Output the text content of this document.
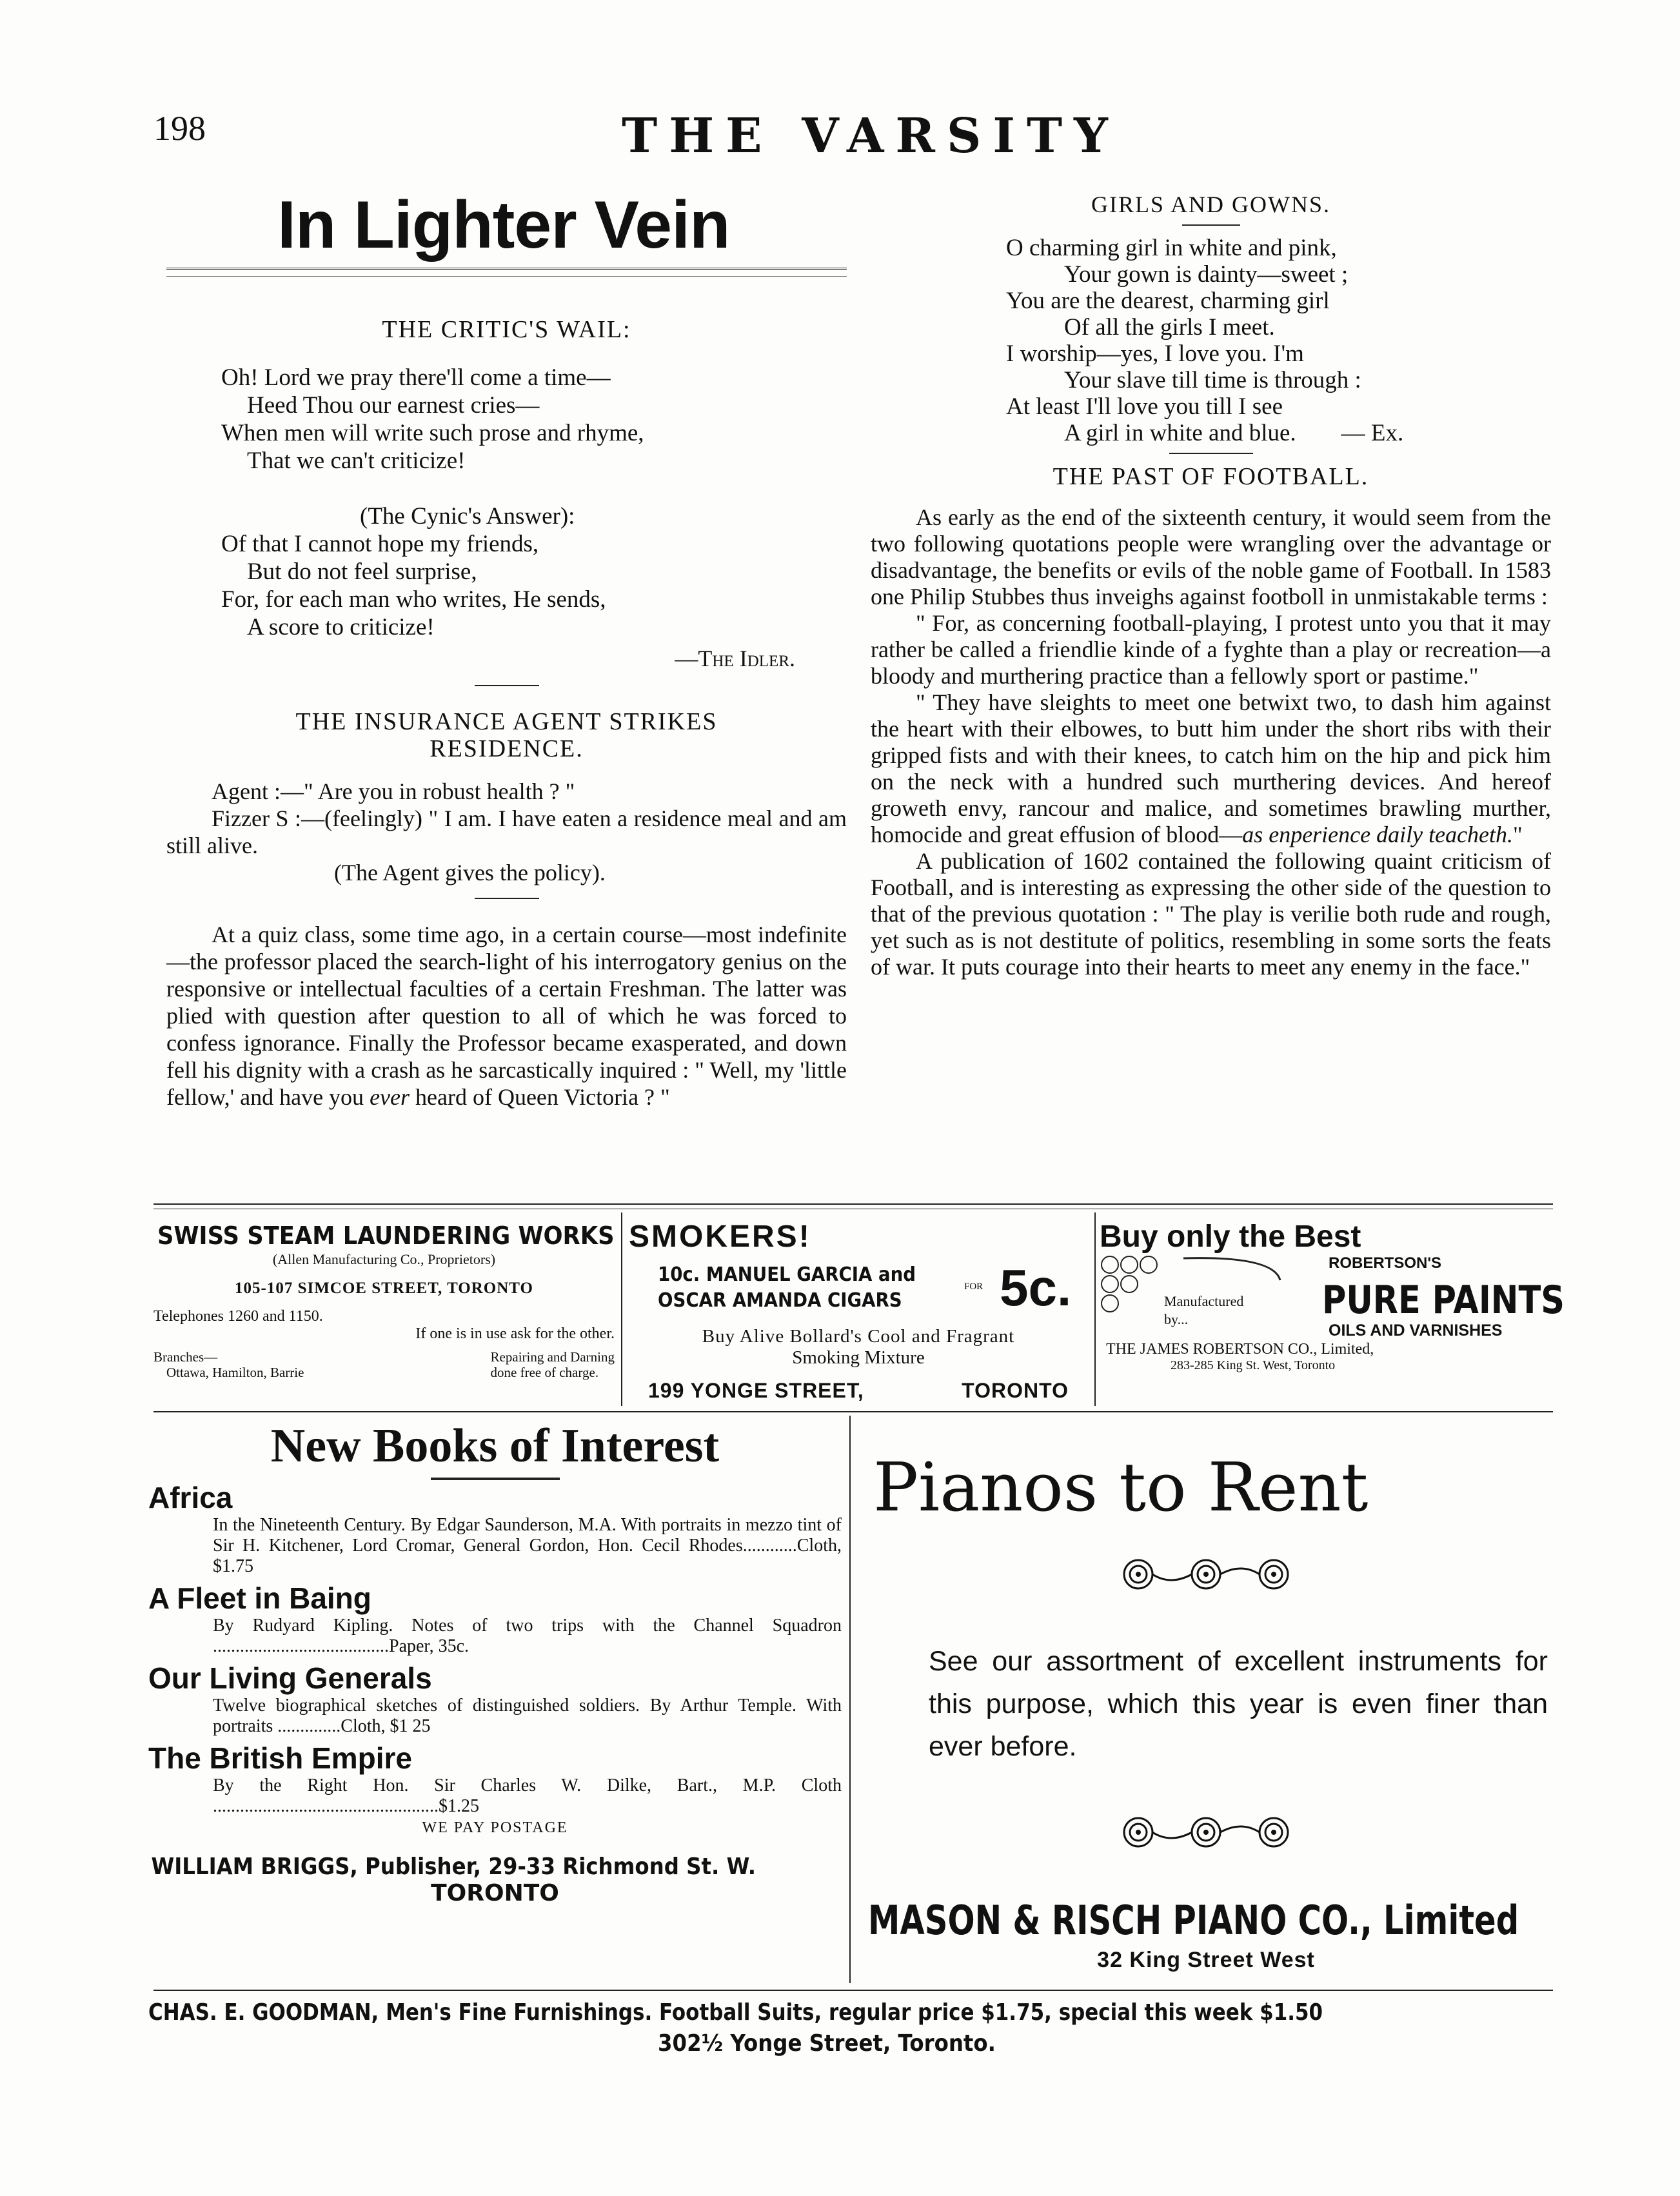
198	THE VARSITY
In Lighter Vein
THE CRITIC'S WAIL:

Oh! Lord we pray there'll come a time—

Heed Thou our earnest cries—

When men will write such prose and rhyme,

That we can't criticize!

(The Cynic's Answer):

Of that I cannot hope my friends,

But do not feel surprise,

For, for each man who writes, He sends,

A score to criticize!

—The Idler.
THE INSURANCE AGENT STRIKES
RESIDENCE.

Agent :—" Are you in robust health ? "

Fizzer S :—(feelingly) " I am. I have eaten a residence meal and am still alive.

(The Agent gives the policy).

At a quiz class, some time ago, in a certain course—most indefinite—the professor placed the search-light of his interrogatory genius on the responsive or intellectual faculties of a certain Freshman. The latter was plied with question after question to all of which he was forced to confess ignorance. Finally the Professor became exasperated, and down fell his dignity with a crash as he sarcastically inquired : " Well, my 'little fellow,' and have you ever heard of Queen Victoria ? "

GIRLS AND GOWNS.

O charming girl in white and pink,

Your gown is dainty—sweet ;

You are the dearest, charming girl

Of all the girls I meet.

I worship—yes, I love you. I'm

Your slave till time is through :

At least I'll love you till I see

A girl in white and blue. — Ex.

THE PAST OF FOOTBALL.

As early as the end of the sixteenth century, it would seem from the two following quotations people were wrangling over the advantage or disadvantage, the benefits or evils of the noble game of Football. In 1583 one Philip Stubbes thus inveighs against footboll in unmistakable terms :

" For, as concerning football-playing, I protest unto you that it may rather be called a friendlie kinde of a fyghte than a play or recreation—a bloody and murthering practice than a fellowly sport or pastime."

" They have sleights to meet one betwixt two, to dash him against the heart with their elbowes, to butt him under the short ribs with their gripped fists and with their knees, to catch him on the hip and pick him on the neck with a hundred such murthering devices. And hereof groweth envy, rancour and malice, and sometimes brawling murther, homocide and great effusion of blood—as enperience daily teacheth."

A publication of 1602 contained the following quaint criticism of Football, and is interesting as expressing the other side of the question to that of the previous quotation : " The play is verilie both rude and rough, yet such as is not destitute of politics, resembling in some sorts the feats of war. It puts courage into their hearts to meet any enemy in the face."

SWISS STEAM LAUNDERING WORKS
(Allen Manufacturing Co., Proprietors)
105-107 SIMCOE STREET, TORONTO
Telephones 1260 and 1150.
If one is in use ask for the other.
Branches—
Ottawa, Hamilton, Barrie
Repairing and Darning
done free of charge.
SMOKERS!
10c. MANUEL GARCIA and
OSCAR AMANDA CIGARS
FOR 5c.
Buy Alive Bollard's Cool and Fragrant
Smoking Mixture
199 YONGE STREET,	TORONTO
Buy only the Best
Manufactured
by...
ROBERTSON'S
PURE PAINTS
OILS AND VARNISHES
THE JAMES ROBERTSON CO., Limited,
283-285 King St. West, Toronto
New Books of Interest
Africa
In the Nineteenth Century. By Edgar Saunderson, M.A. With portraits in mezzo tint of Sir H. Kitchener, Lord Cromar, General Gordon, Hon. Cecil Rhodes............Cloth, $1.75
A Fleet in Baing
By Rudyard Kipling. Notes of two trips with the Channel Squadron .......................................Paper, 35c.
Our Living Generals
Twelve biographical sketches of distinguished soldiers. By Arthur Temple. With portraits ..............Cloth, $1 25
The British Empire
By the Right Hon. Sir Charles W. Dilke, Bart., M.P. Cloth ..................................................$1.25
WE PAY POSTAGE
WILLIAM BRIGGS, Publisher, 29-33 Richmond St. W.
TORONTO
Pianos to Rent
See our assortment of excellent instruments for this purpose, which this year is even finer than ever before.
MASON & RISCH PIANO CO., Limited
32 King Street West
CHAS. E. GOODMAN, Men's Fine Furnishings. Football Suits, regular price $1.75, special this week $1.50
302½ Yonge Street, Toronto.
